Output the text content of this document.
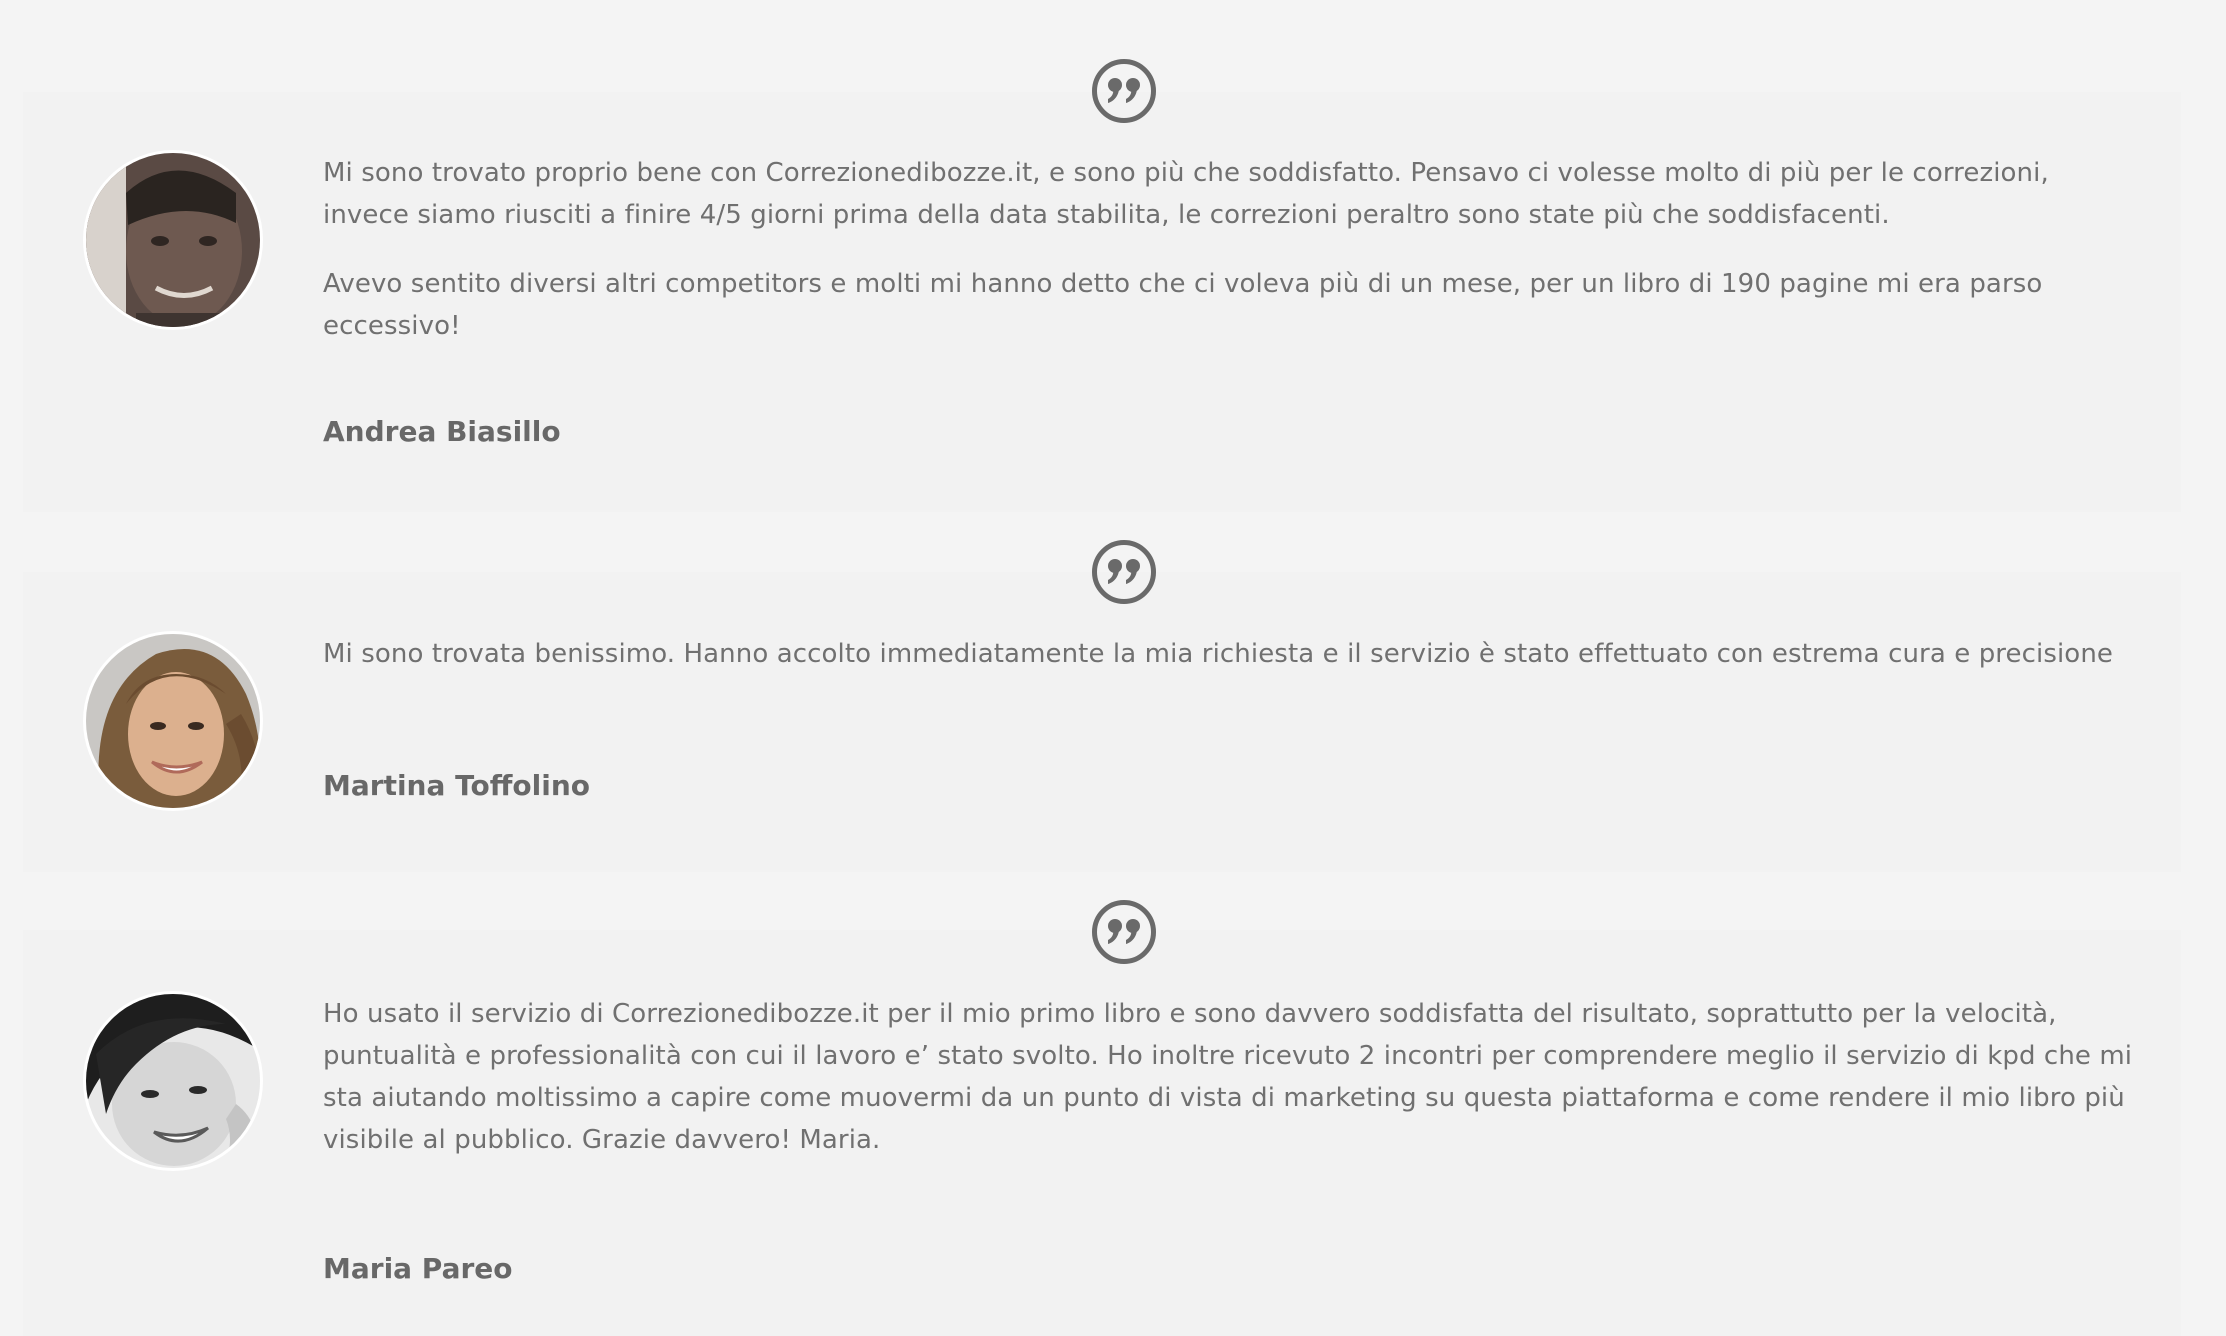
Mi sono trovato proprio bene con Correzionedibozze.it, e sono più che soddisfatto. Pensavo ci volesse molto di più per le correzioni, invece siamo riusciti a finire 4/5 giorni prima della data stabilita, le correzioni peraltro sono state più che soddisfacenti.

Avevo sentito diversi altri competitors e molti mi hanno detto che ci voleva più di un mese, per un libro di 190 pagine mi era parso eccessivo!

Andrea Biasillo

Mi sono trovata benissimo. Hanno accolto immediatamente la mia richiesta e il servizio è stato effettuato con estrema cura e precisione

Martina Toffolino

Ho usato il servizio di Correzionedibozze.it per il mio primo libro e sono davvero soddisfatta del risultato, soprattutto per la velocità, puntualità e professionalità con cui il lavoro e’ stato svolto. Ho inoltre ricevuto 2 incontri per comprendere meglio il servizio di kpd che mi sta aiutando moltissimo a capire come muovermi da un punto di vista di marketing su questa piattaforma e come rendere il mio libro più visibile al pubblico. Grazie davvero! Maria.

Maria Pareo
